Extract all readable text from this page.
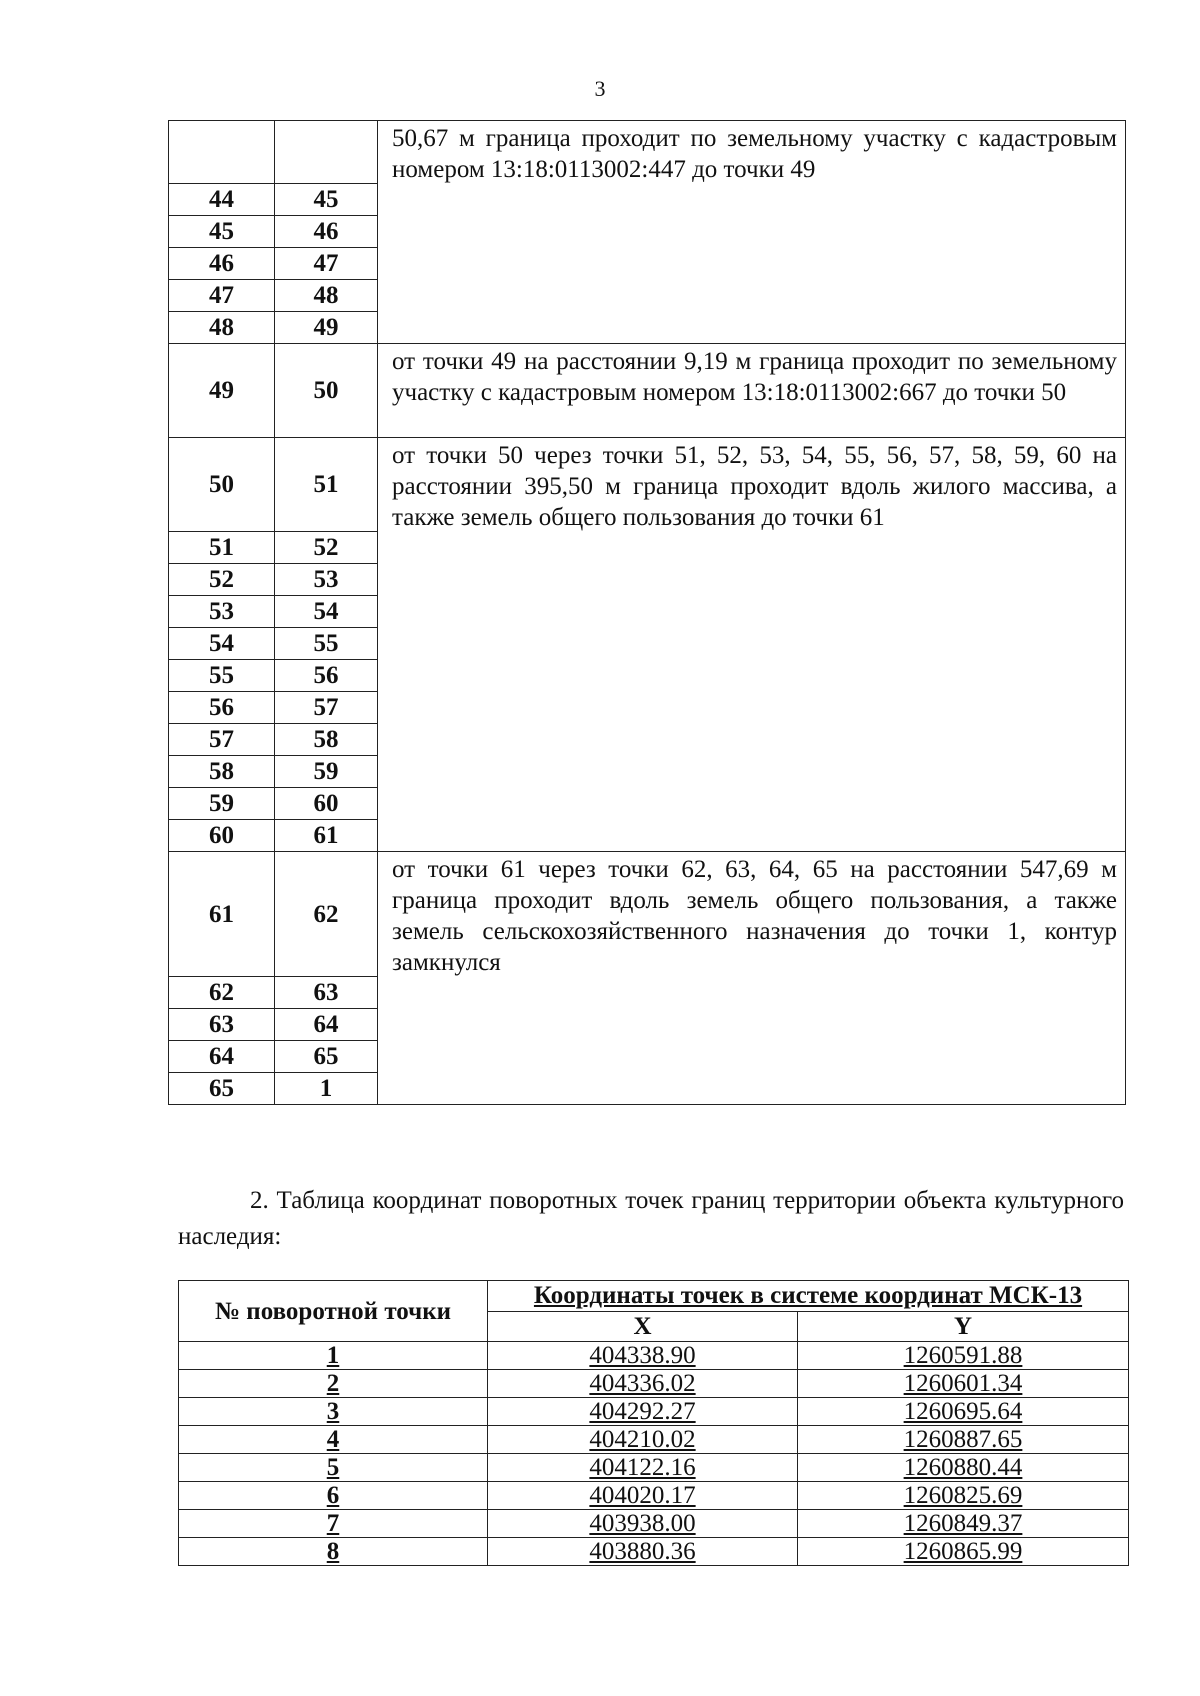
3
		50,67 м граница проходит по земельному участку с кадастровым номером 13:18:0113002:447 до точки 49
44	45	
45	46	
46	47	
47	48	
48	49	
49	50	от точки 49 на расстоянии 9,19 м граница проходит по земельному участку с кадастровым номером 13:18:0113002:667 до точки 50
50	51	от точки 50 через точки 51, 52, 53, 54, 55, 56, 57, 58, 59, 60 на расстоянии 395,50 м граница проходит вдоль жилого массива, а также земель общего пользования до точки 61
51	52	
52	53	
53	54	
54	55	
55	56	
56	57	
57	58	
58	59	
59	60	
60	61	
61	62	от точки 61 через точки 62, 63, 64, 65 на расстоянии 547,69 м граница проходит вдоль земель общего пользования, а также земель сельскохозяйственного назначения до точки 1, контур замкнулся
62	63	
63	64	
64	65	
65	1	
2. Таблица координат поворотных точек границ территории объекта культурного наследия:
№ поворотной точки	Координаты точек в системе координат МСК-13	
	X	Y
1	404338.90	1260591.88
2	404336.02	1260601.34
3	404292.27	1260695.64
4	404210.02	1260887.65
5	404122.16	1260880.44
6	404020.17	1260825.69
7	403938.00	1260849.37
8	403880.36	1260865.99
